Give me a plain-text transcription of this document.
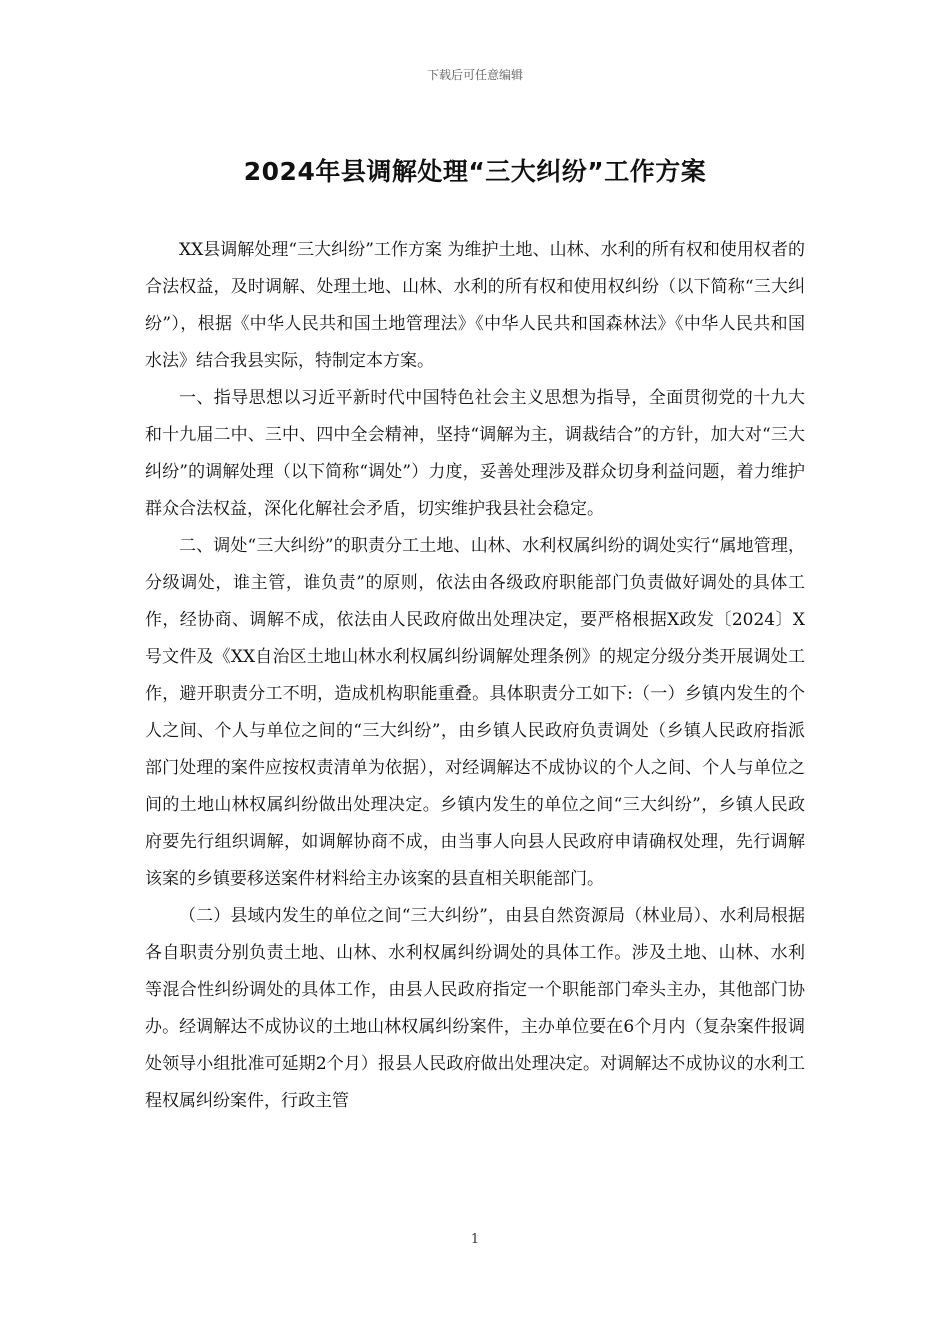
下载后可任意编辑
2024年县调解处理“三大纠纷”工作方案

XX县调解处理“三大纠纷”工作方案 为维护土地、山林、水利的所有权和使用权者的合法权益，及时调解、处理土地、山林、水利的所有权和使用权纠纷（以下简称“三大纠纷”），根据《中华人民共和国土地管理法》《中华人民共和国森林法》《中华人民共和国水法》结合我县实际，特制定本方案。

一、指导思想以习近平新时代中国特色社会主义思想为指导，全面贯彻党的十九大和十九届二中、三中、四中全会精神，坚持“调解为主，调裁结合”的方针，加大对“三大纠纷”的调解处理（以下简称“调处”）力度，妥善处理涉及群众切身利益问题，着力维护群众合法权益，深化化解社会矛盾，切实维护我县社会稳定。

二、调处“三大纠纷”的职责分工土地、山林、水利权属纠纷的调处实行“属地管理，分级调处，谁主管，谁负责”的原则，依法由各级政府职能部门负责做好调处的具体工作，经协商、调解不成，依法由人民政府做出处理决定，要严格根据X政发〔2024〕X号文件及《XX自治区土地山林水利权属纠纷调解处理条例》的规定分级分类开展调处工作，避开职责分工不明，造成机构职能重叠。具体职责分工如下:（一）乡镇内发生的个人之间、个人与单位之间的“三大纠纷”，由乡镇人民政府负责调处（乡镇人民政府指派部门处理的案件应按权责清单为依据），对经调解达不成协议的个人之间、个人与单位之间的土地山林权属纠纷做出处理决定。乡镇内发生的单位之间“三大纠纷”，乡镇人民政府要先行组织调解，如调解协商不成，由当事人向县人民政府申请确权处理，先行调解该案的乡镇要移送案件材料给主办该案的县直相关职能部门。

（二）县域内发生的单位之间“三大纠纷”，由县自然资源局（林业局）、水利局根据各自职责分别负责土地、山林、水利权属纠纷调处的具体工作。涉及土地、山林、水利等混合性纠纷调处的具体工作，由县人民政府指定一个职能部门牵头主办，其他部门协办。经调解达不成协议的土地山林权属纠纷案件，主办单位要在6个月内（复杂案件报调处领导小组批准可延期2个月）报县人民政府做出处理决定。对调解达不成协议的水利工程权属纠纷案件，行政主管

1
